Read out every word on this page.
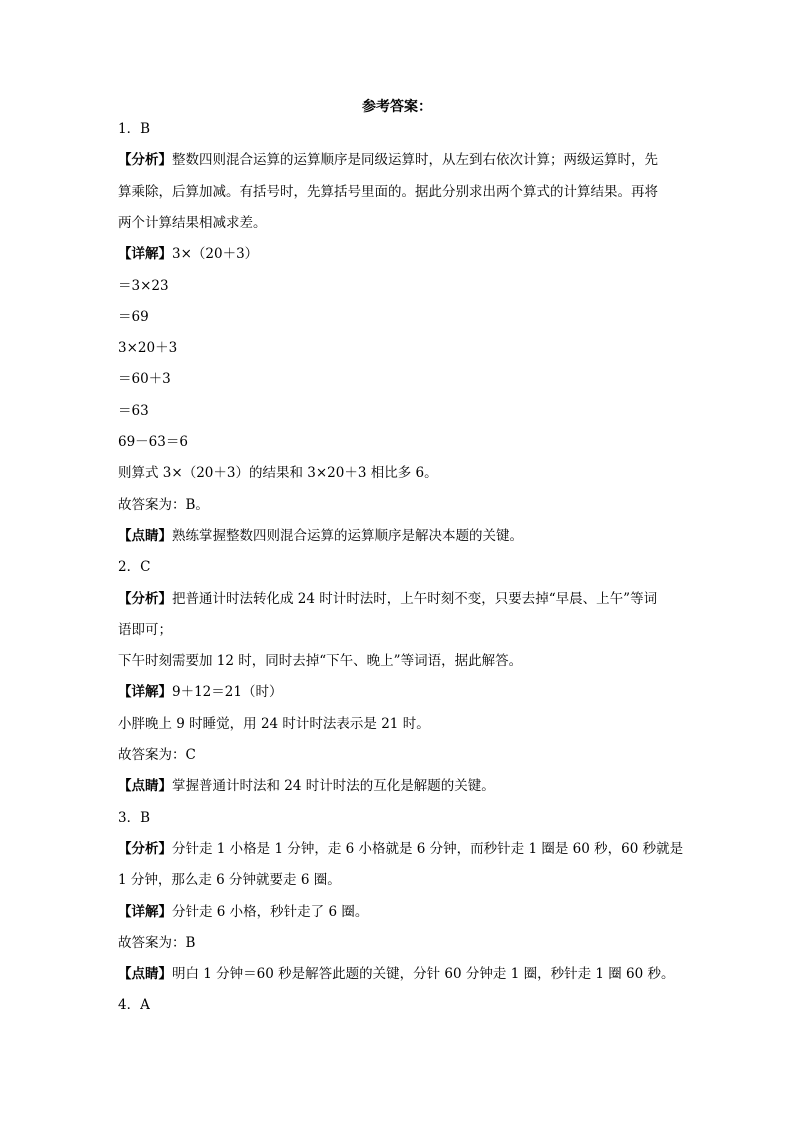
参考答案：
1．B
【分析】整数四则混合运算的运算顺序是同级运算时，从左到右依次计算；两级运算时，先
算乘除，后算加减。有括号时，先算括号里面的。据此分别求出两个算式的计算结果。再将
两个计算结果相减求差。
【详解】3×（20＋3）
＝3×23
＝69
3×20＋3
＝60＋3
＝63
69－63＝6
则算式 3×（20＋3）的结果和 3×20＋3 相比多 6。
故答案为：B。
【点睛】熟练掌握整数四则混合运算的运算顺序是解决本题的关键。
2．C
【分析】把普通计时法转化成 24 时计时法时，上午时刻不变，只要去掉“早晨、上午”等词
语即可；
下午时刻需要加 12 时，同时去掉“下午、晚上”等词语，据此解答。
【详解】9＋12＝21（时）
小胖晚上 9 时睡觉，用 24 时计时法表示是 21 时。
故答案为：C
【点睛】掌握普通计时法和 24 时计时法的互化是解题的关键。
3．B
【分析】分针走 1 小格是 1 分钟，走 6 小格就是 6 分钟，而秒针走 1 圈是 60 秒，60 秒就是
1 分钟，那么走 6 分钟就要走 6 圈。
【详解】分针走 6 小格，秒针走了 6 圈。
故答案为：B
【点睛】明白 1 分钟＝60 秒是解答此题的关键，分针 60 分钟走 1 圈，秒针走 1 圈 60 秒。
4．A
